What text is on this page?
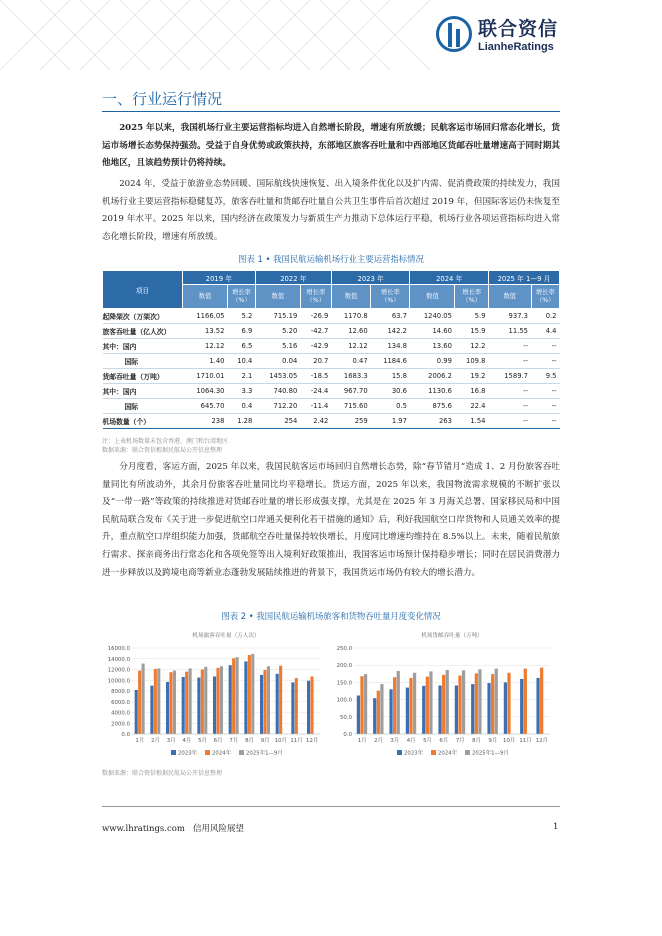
联合资信
LianheRatings
一、行业运行情况

2025 年以来，我国机场行业主要运营指标均进入自然增长阶段，增速有所放缓；民航客运市场回归常态化增长，货运市场增长态势保持强劲。受益于自身优势或政策扶持，东部地区旅客吞吐量和中西部地区货邮吞吐量增速高于同时期其他地区，且该趋势预计仍将持续。

2024 年，受益于旅游业态势回暖、国际航线快速恢复、出入境条件优化以及扩内需、促消费政策的持续发力，我国机场行业主要运营指标稳健复苏，旅客吞吐量和货邮吞吐量自公共卫生事件后首次超过 2019 年，但国际客运仍未恢复至 2019 年水平。2025 年以来，国内经济在政策发力与新质生产力推动下总体运行平稳，机场行业各项运营指标均进入常态化增长阶段，增速有所放缓。

图表 1 • 我国民航运输机场行业主要运营指标情况
项目	2019 年		2022 年		2023 年		2024 年		2025 年 1—9 月	
	数值	增长率
（%）	数值	增长率
（%）	数值	增长率
（%）	数值	增长率
（%）	数值	增长率
（%）
起降架次（万架次）	1166.05	5.2	715.19	-26.9	1170.8	63.7	1240.05	5.9	937.3	0.2
旅客吞吐量（亿人次）	13.52	6.9	5.20	-42.7	12.60	142.2	14.60	15.9	11.55	4.4
其中：国内	12.12	6.5	5.16	-42.9	12.12	134.8	13.60	12.2	--	--
国际	1.40	10.4	0.04	20.7	0.47	1184.6	0.99	109.8	--	--
货邮吞吐量（万吨）	1710.01	2.1	1453.05	-18.5	1683.3	15.8	2006.2	19.2	1589.7	9.5
其中：国内	1064.30	3.3	740.80	-24.4	967.70	30.6	1130.6	16.8	--	--
国际	645.70	0.4	712.20	-11.4	715.60	0.5	875.6	22.4	--	--
机场数量（个）	238	1.28	254	2.42	259	1.97	263	1.54	--	--
注：上表机场数量未包含香港、澳门和台湾地区
数据来源：联合资信根据民航局公开信息整理

分月度看，客运方面，2025 年以来，我国民航客运市场回归自然增长态势，除“春节错月”造成 1、2 月份旅客吞吐量同比有所波动外，其余月份旅客吞吐量同比均平稳增长。货运方面，2025 年以来，我国物流需求规模的不断扩张以及“一带一路”等政策的持续推进对货邮吞吐量的增长形成强支撑，尤其是在 2025 年 3 月海关总署、国家移民局和中国民航局联合发布《关于进一步促进航空口岸通关便利化若干措施的通知》后，利好我国航空口岸货物和人员通关效率的提升，重点航空口岸组织能力加强，货邮航空吞吐量保持较快增长，月度同比增速均维持在 8.5%以上。未来，随着民航旅行需求、探亲商务出行常态化和各项免签等出入境利好政策推出，我国客运市场预计保持稳步增长；同时在居民消费潜力进一步释放以及跨境电商等新业态蓬勃发展陆续推进的背景下，我国货运市场仍有较大的增长潜力。

图表 2 • 我国民航运输机场旅客和货物吞吐量月度变化情况
机场旅客吞吐量（万人次）
0.0
2000.0
4000.0
6000.0
8000.0
10000.0
12000.0
14000.0
16000.0
1月 2月 3月 4月 5月 6月 7月 8月 9月 10月 11月 12月
2023年	2024年	2025年1—9月
机场货邮吞吐量（万吨）
0.0
50.0
100.0
150.0
200.0
250.0
1月 2月 3月 4月 5月 6月 7月 8月 9月 10月 11月 12月
2023年	2024年	2025年1—9月
数据来源：联合资信根据民航局公开信息整理
www.lhratings.com 信用风险展望	1
